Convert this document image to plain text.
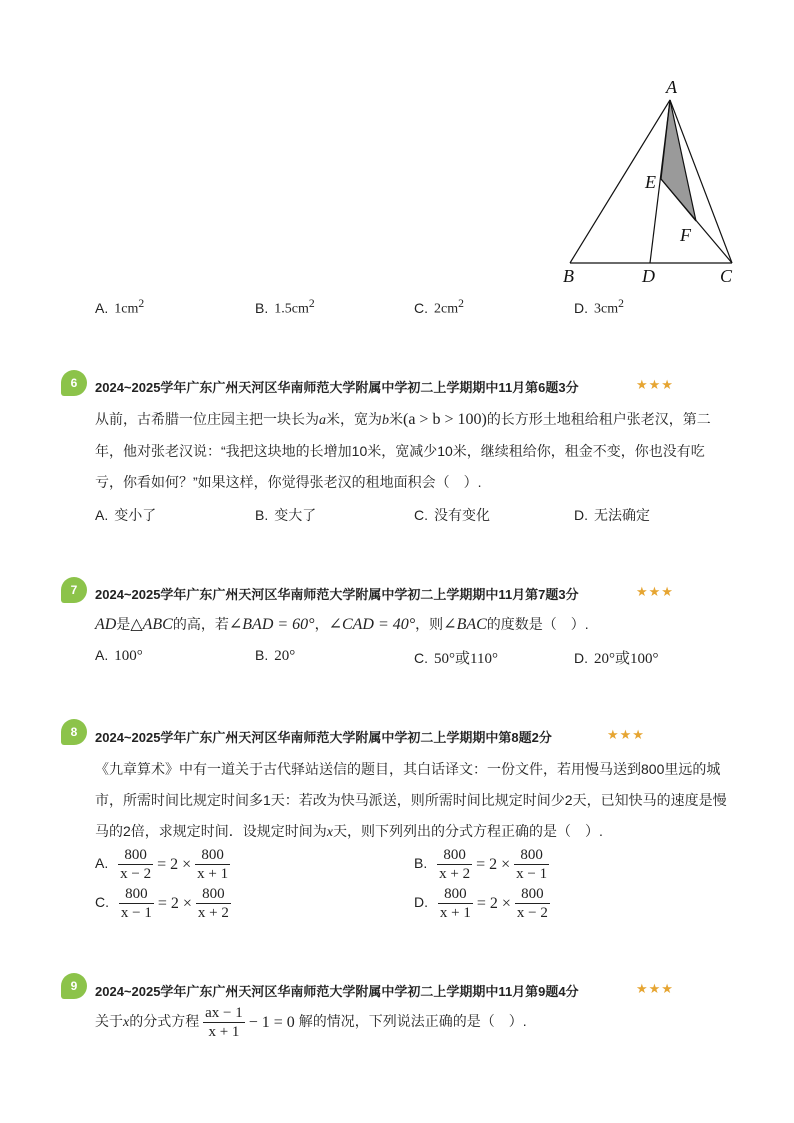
A
E
F
B	D	C
A. $1cm^2$	B. $1.5cm^2$	C. $2cm^2$	D. $3cm^2$
6	2024~2025学年广东广州天河区华南师范大学附属中学初二上学期期中11月第6题3分	★★★
从前，古希腊一位庄园主把一块长为a米，宽为b米(a > b > 100)的长方形土地租给租户张老汉，第二
年，他对张老汉说：“我把这块地的长增加10米，宽减少10米，继续租给你，租金不变，你也没有吃
亏，你看如何？”如果这样，你觉得张老汉的租地面积会（　）.
A. 变小了	B. 变大了	C. 没有变化	D. 无法确定
7	2024~2025学年广东广州天河区华南师范大学附属中学初二上学期期中11月第7题3分	★★★
AD是△ABC的高，若∠BAD = 60°，∠CAD = 40°，则∠BAC的度数是（　）.
A. 100°	B. 20°	C. 50°或110°	D. 20°或100°
8	2024~2025学年广东广州天河区华南师范大学附属中学初二上学期期中第8题2分	★★★
《九章算术》中有一道关于古代驿站送信的题目，其白话译文：一份文件，若用慢马送到800里远的城
市，所需时间比规定时间多1天：若改为快马派送，则所需时间比规定时间少2天，已知快马的速度是慢
马的2倍，求规定时间．设规定时间为x天，则下列列出的分式方程正确的是（　）.
A. $\frac{800}{x - 2} = 2 \times \frac{800}{x + 1}$	B. $\frac{800}{x + 2} = 2 \times \frac{800}{x - 1}$
C. $\frac{800}{x - 1} = 2 \times \frac{800}{x + 2}$	D. $\frac{800}{x + 1} = 2 \times \frac{800}{x - 2}$
9	2024~2025学年广东广州天河区华南师范大学附属中学初二上学期期中11月第9题4分	★★★
关于x的分式方程 $\frac{ax - 1}{x + 1} - 1 = 0$ 解的情况，下列说法正确的是（　）.
